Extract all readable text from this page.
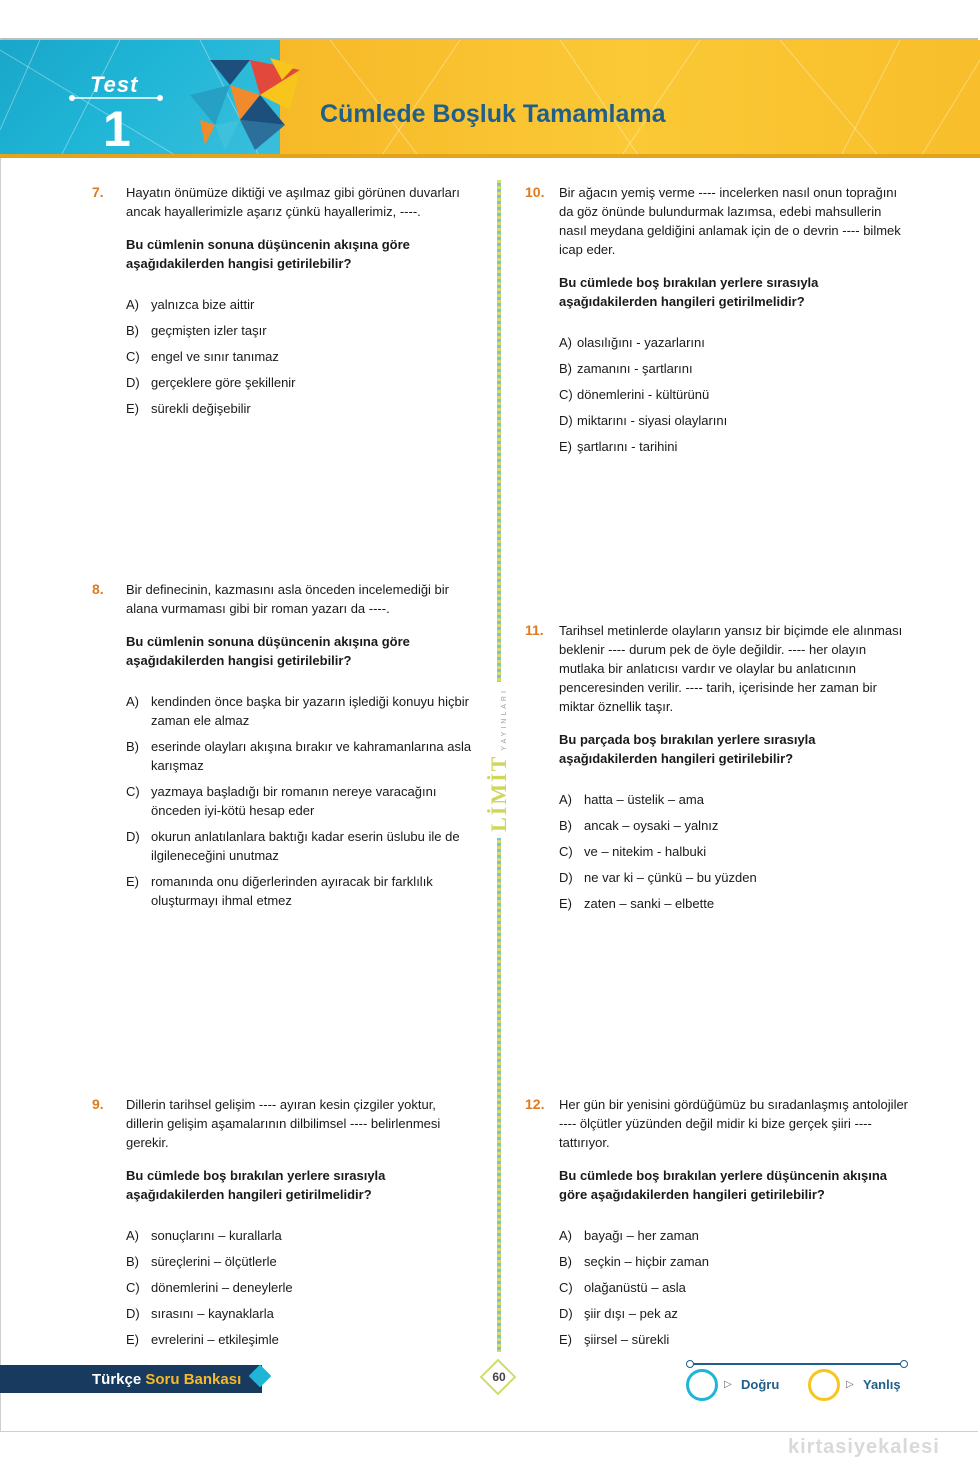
Test
1	Cümlede Boşluk Tamamlama
7. Hayatın önümüze diktiği ve aşılmaz gibi görünen duvarları ancak hayallerimizle aşarız çünkü hayallerimiz, ----.

Bu cümlenin sonuna düşüncenin akışına göre aşağıdakilerden hangisi getirilebilir?

A) yalnızca bize aittir
B) geçmişten izler taşır
C) engel ve sınır tanımaz
D) gerçeklere göre şekillenir
E) sürekli değişebilir
8. Bir definecinin, kazmasını asla önceden incelemediği bir alana vurmaması gibi bir roman yazarı da ----.

Bu cümlenin sonuna düşüncenin akışına göre aşağıdakilerden hangisi getirilebilir?

A) kendinden önce başka bir yazarın işlediği konuyu hiçbir zaman ele almaz
B) eserinde olayları akışına bırakır ve kahramanlarına asla karışmaz
C) yazmaya başladığı bir romanın nereye varacağını önceden iyi-kötü hesap eder
D) okurun anlatılanlara baktığı kadar eserin üslubu ile de ilgileneceğini unutmaz
E) romanında onu diğerlerinden ayıracak bir farklılık oluşturmayı ihmal etmez
9. Dillerin tarihsel gelişim ---- ayıran kesin çizgiler yoktur, dillerin gelişim aşamalarının dilbilimsel ---- belirlenmesi gerekir.

Bu cümlede boş bırakılan yerlere sırasıyla aşağıdakilerden hangileri getirilmelidir?

A) sonuçlarını – kurallarla
B) süreçlerini – ölçütlerle
C) dönemlerini – deneylerle
D) sırasını – kaynaklarla
E) evrelerini – etkileşimle
LİMİTYAYINLARI
10. Bir ağacın yemiş verme ---- incelerken nasıl onun toprağını da göz önünde bulundurmak lazımsa, edebi mahsullerin nasıl meydana geldiğini anlamak için de o devrin ---- bilmek icap eder.

Bu cümlede boş bırakılan yerlere sırasıyla aşağıdakilerden hangileri getirilmelidir?

A) olasılığını - yazarlarını
B) zamanını - şartlarını
C) dönemlerini - kültürünü
D) miktarını - siyasi olaylarını
E) şartlarını - tarihini
11. Tarihsel metinlerde olayların yansız bir biçimde ele alınması beklenir ---- durum pek de öyle değildir. ---- her olayın mutlaka bir anlatıcısı vardır ve olaylar bu anlatıcının penceresinden verilir. ---- tarih, içerisinde her zaman bir miktar öznellik taşır.

Bu parçada boş bırakılan yerlere sırasıyla aşağıdakilerden hangileri getirilebilir?

A) hatta – üstelik – ama
B) ancak – oysaki – yalnız
C) ve – nitekim - halbuki
D) ne var ki – çünkü – bu yüzden
E) zaten – sanki – elbette
12. Her gün bir yenisini gördüğümüz bu sıradanlaşmış antolojiler ---- ölçütler yüzünden değil midir ki bize gerçek şiiri ---- tattırıyor.

Bu cümlede boş bırakılan yerlere düşüncenin akışına göre aşağıdakilerden hangileri getirilebilir?

A) bayağı – her zaman
B) seçkin – hiçbir zaman
C) olağanüstü – asla
D) şiir dışı – pek az
E) şiirsel – sürekli
Türkçe Soru Bankası	60
▷ Doğru	▷ Yanlış
kirtasiyekalesi
